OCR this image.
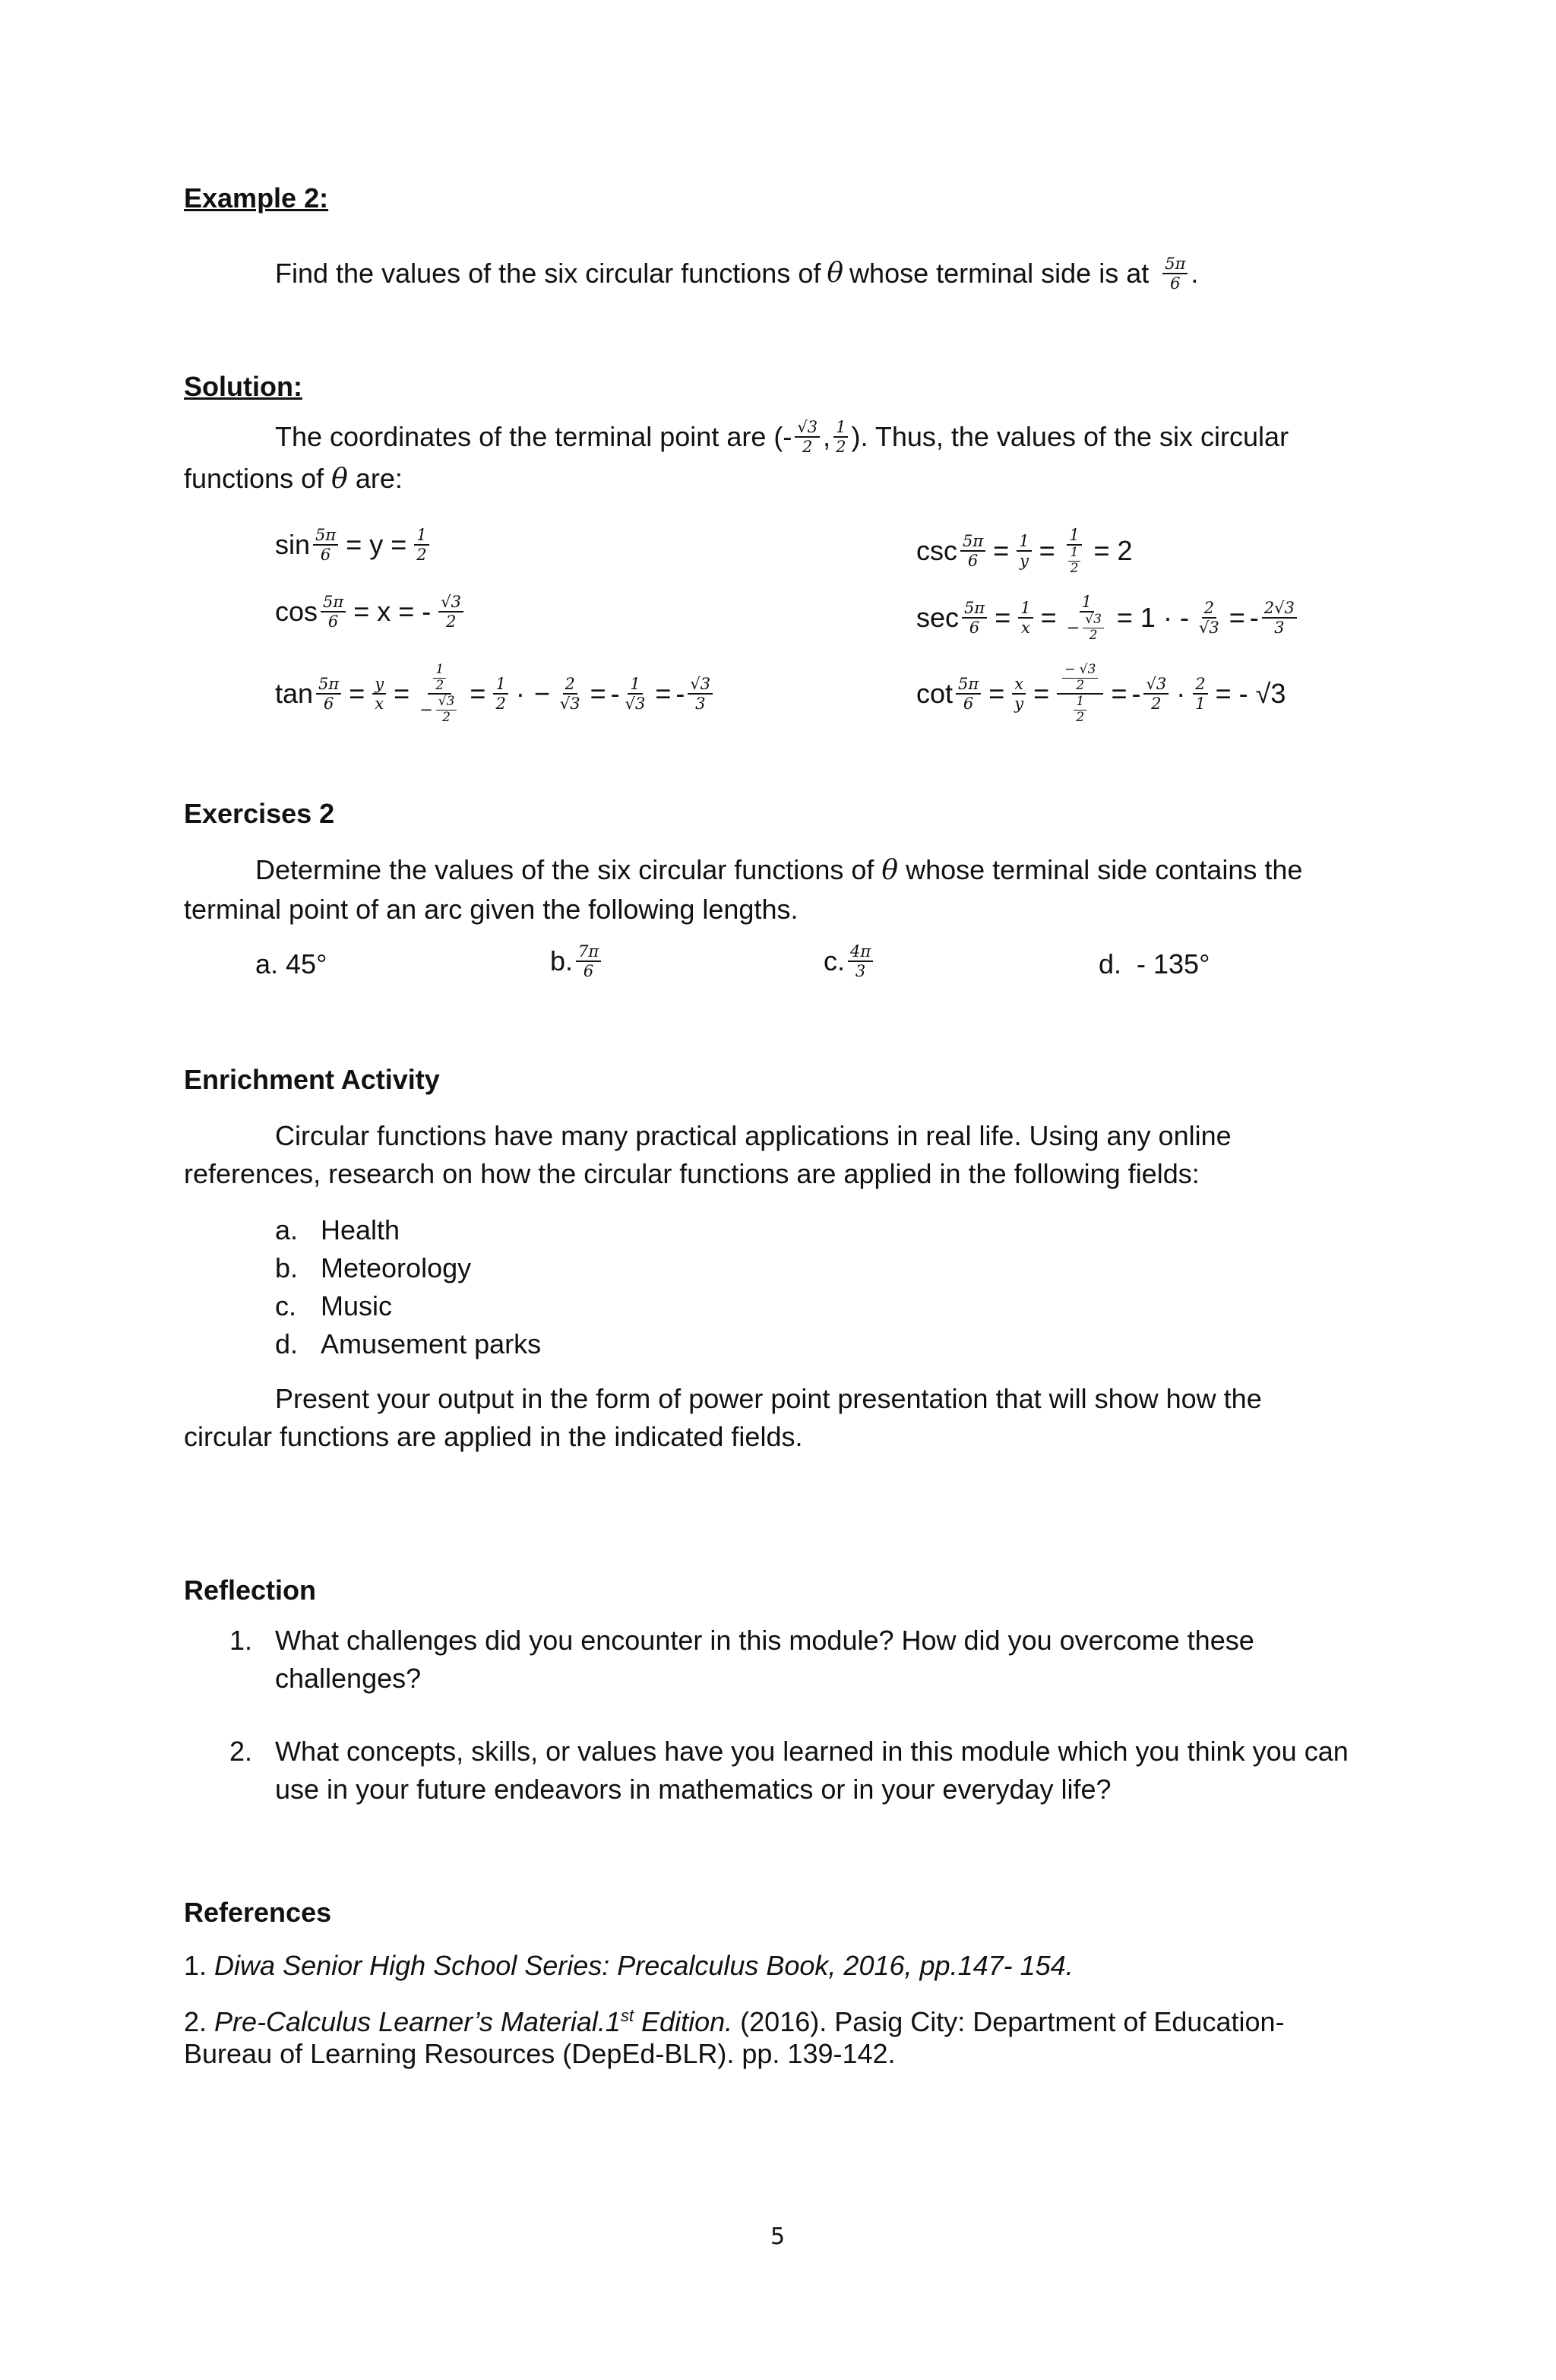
Example 2:
Find the values of the six circular functions of θ whose terminal side is at $\frac{5\pi}{6}$ .
Solution:
The coordinates of the terminal point are (- $\frac{√3}{2}$ , $\frac{1}{2}$ ). Thus, the values of the six circular
functions of θ are:
$\sin \frac{5\pi}{6} = y = \frac{1}{2}$
$\cos \frac{5\pi}{6} = x$ = - $\frac{√3}{2}$
$\tan \frac{5\pi}{6} = \frac{y}{x} = \frac{\frac{1}{2}}{- \frac{√3}{2}} = \frac{1}{2}$ · − $\frac{2}{√3}$ = - $\frac{1}{√3}$ = - $\frac{√3}{3}$
$\csc \frac{5\pi}{6} = \frac{1}{y} = \frac{1}{\frac{1}{2}} = 2$
$\sec \frac{5\pi}{6} = \frac{1}{x} = \frac{1}{- \frac{√3}{2}} = 1$ · - $\frac{2}{√3}$ = - $\frac{2√3}{3}$
$\cot \frac{5\pi}{6} = \frac{x}{y} = \frac{\frac{- √3}{2}}{\frac{1}{2}}$ = - $\frac{√3}{2} \cdot \frac{2}{1}$ = - √3
Exercises 2
Determine the values of the six circular functions of θ whose terminal side contains the
terminal point of an arc given the following lengths.
a. 45°	b. $\frac{7\pi}{6}$	c. $\frac{4\pi}{3}$	d.  - 135°
Enrichment Activity
Circular functions have many practical applications in real life. Using any online
references, research on how the circular functions are applied in the following fields:
a. Health
b. Meteorology
c. Music
d. Amusement parks
Present your output in the form of power point presentation that will show how the
circular functions are applied in the indicated fields.
Reflection
1. What challenges did you encounter in this module? How did you overcome these
challenges?
2. What concepts, skills, or values have you learned in this module which you think you can
use in your future endeavors in mathematics or in your everyday life?
References
1. Diwa Senior High School Series: Precalculus Book, 2016, pp.147- 154.
2. Pre-Calculus Learner’s Material.1st Edition. (2016). Pasig City: Department of Education-
Bureau of Learning Resources (DepEd-BLR). pp. 139-142.
5
